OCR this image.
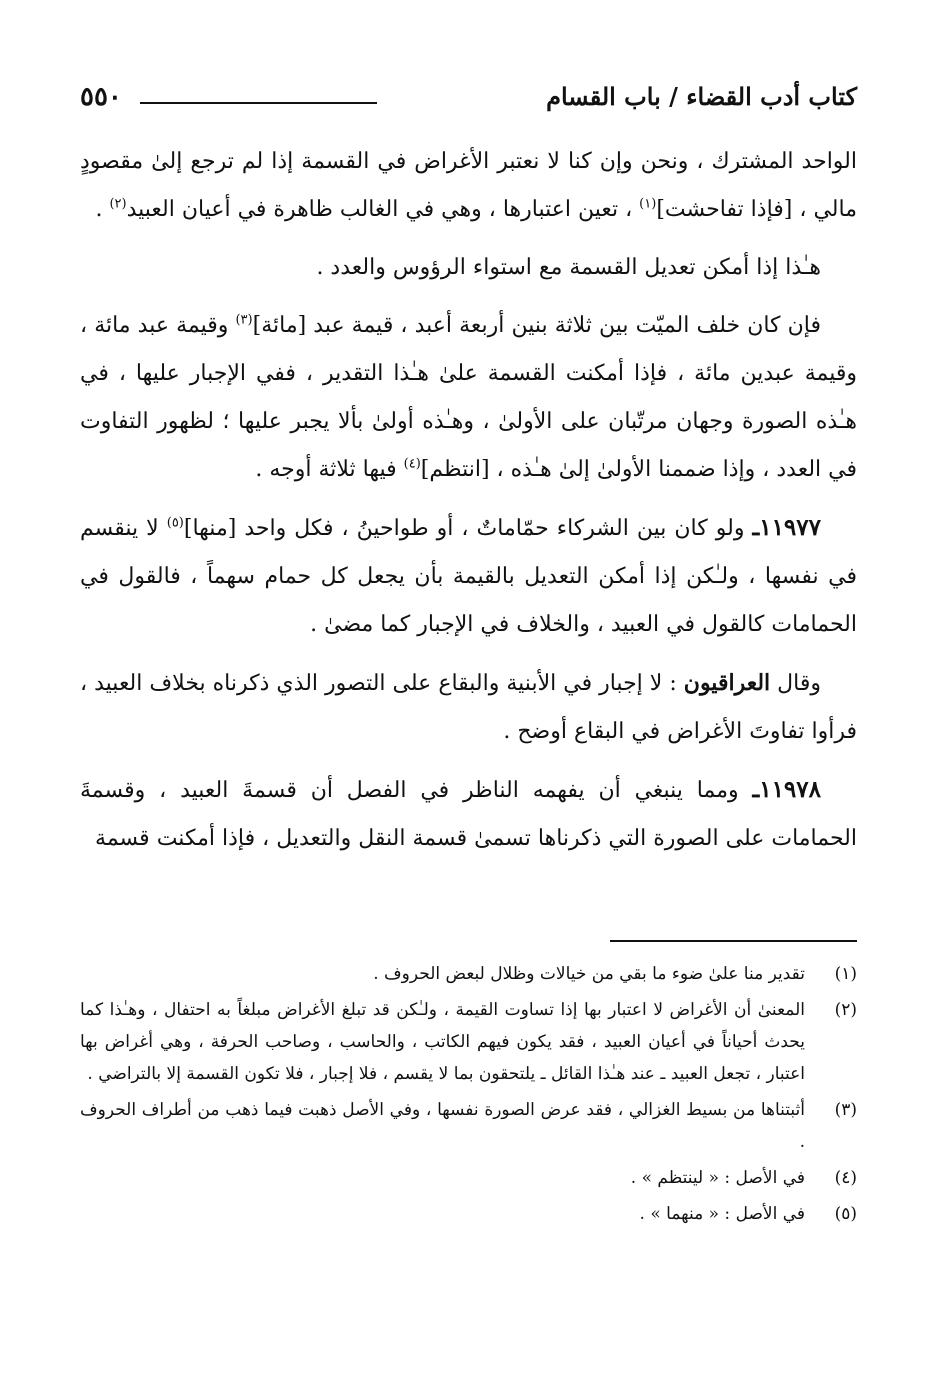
كتاب أدب القضاء / باب القسام
٥٥٠

الواحد المشترك ، ونحن وإن كنا لا نعتبر الأغراض في القسمة إذا لم ترجع إلىٰ مقصودٍ مالي ، [فإذا تفاحشت]$^{(١)}$ ، تعين اعتبارها ، وهي في الغالب ظاهرة في أعيان العبيد$^{(٢)}$ .

هـٰذا إذا أمكن تعديل القسمة مع استواء الرؤوس والعدد .

فإن كان خلف الميّت بين ثلاثة بنين أربعة أعبد ، قيمة عبد [مائة]$^{(٣)}$ وقيمة عبد مائة ، وقيمة عبدين مائة ، فإذا أمكنت القسمة علىٰ هـٰذا التقدير ، ففي الإجبار عليها ، في هـٰذه الصورة وجهان مرتّبان على الأولىٰ ، وهـٰذه أولىٰ بألا يجبر عليها ؛ لظهور التفاوت في العدد ، وإذا ضممنا الأولىٰ إلىٰ هـٰذه ، [انتظم]$^{(٤)}$ فيها ثلاثة أوجه .

١١٩٧٧ـ ولو كان بين الشركاء حمّاماتٌ ، أو طواحينُ ، فكل واحد [منها]$^{(٥)}$ لا ينقسم في نفسها ، ولـٰكن إذا أمكن التعديل بالقيمة بأن يجعل كل حمام سهماً ، فالقول في الحمامات كالقول في العبيد ، والخلاف في الإجبار كما مضىٰ .

وقال العراقيون : لا إجبار في الأبنية والبقاع على التصور الذي ذكرناه بخلاف العبيد ، فرأوا تفاوتَ الأغراض في البقاع أوضح .

١١٩٧٨ـ ومما ينبغي أن يفهمه الناظر في الفصل أن قسمةَ العبيد ، وقسمةَ الحمامات على الصورة التي ذكرناها تسمىٰ قسمة النقل والتعديل ، فإذا أمكنت قسمة

(١)
تقدير منا علىٰ ضوء ما بقي من خيالات وظلال لبعض الحروف .
(٢)
المعنىٰ أن الأغراض لا اعتبار بها إذا تساوت القيمة ، ولـٰكن قد تبلغ الأغراض مبلغاً به احتفال ، وهـٰذا كما يحدث أحياناً في أعيان العبيد ، فقد يكون فيهم الكاتب ، والحاسب ، وصاحب الحرفة ، وهي أغراض بها اعتبار ، تجعل العبيد ـ عند هـٰذا القائل ـ يلتحقون بما لا يقسم ، فلا إجبار ، فلا تكون القسمة إلا بالتراضي .
(٣)
أثبتناها من بسيط الغزالي ، فقد عرض الصورة نفسها ، وفي الأصل ذهبت فيما ذهب من أطراف الحروف .
(٤)
في الأصل : « لينتظم » .
(٥)
في الأصل : « منهما » .
